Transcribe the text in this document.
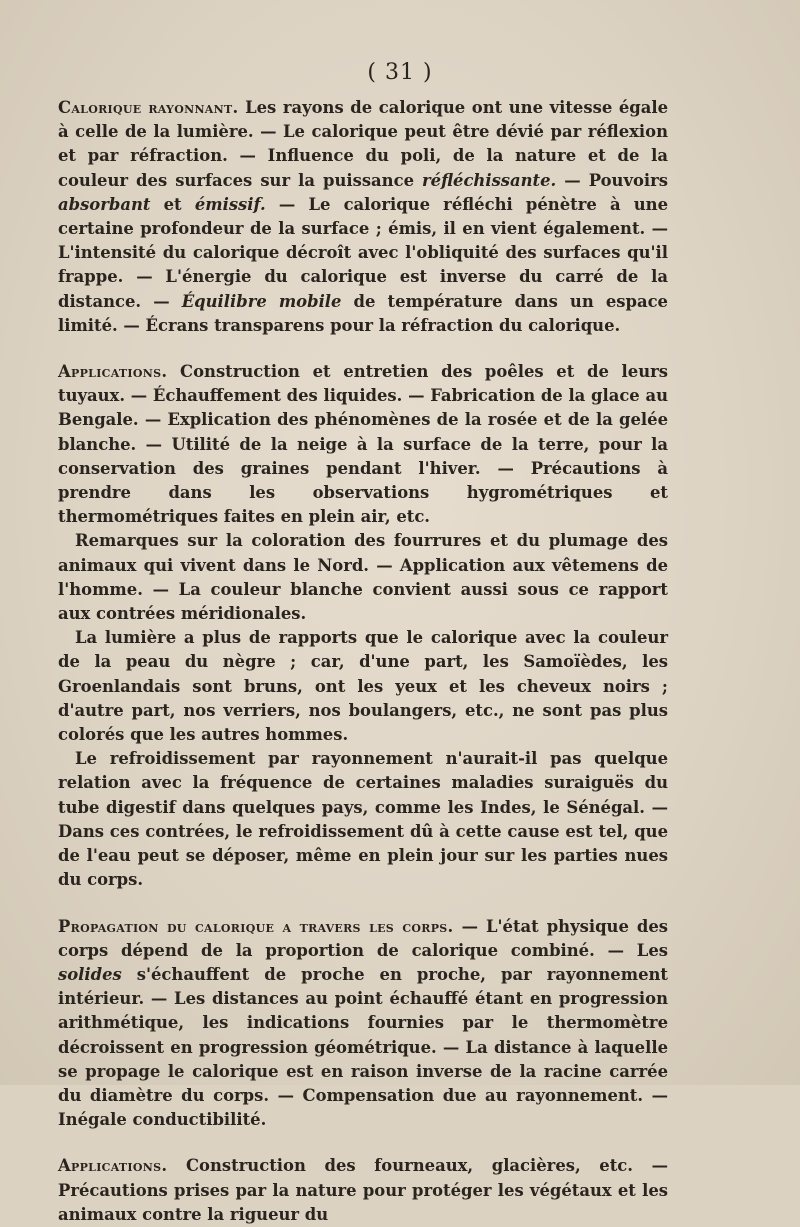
( 31 )

Calorique rayonnant. Les rayons de calorique ont une vitesse égale à celle de la lumière. — Le calorique peut être dévié par réflexion et par réfraction. — Influence du poli, de la nature et de la couleur des surfaces sur la puissance réfléchissante. — Pouvoirs absorbant et émissif. — Le calorique réfléchi pénètre à une certaine profondeur de la surface ; émis, il en vient également. — L'intensité du calorique décroît avec l'obliquité des surfaces qu'il frappe. — L'énergie du calorique est inverse du carré de la distance. — Équilibre mobile de température dans un espace limité. — Écrans transparens pour la réfraction du calorique.

Applications. Construction et entretien des poêles et de leurs tuyaux. — Échauffement des liquides. — Fabrication de la glace au Bengale. — Explication des phénomènes de la rosée et de la gelée blanche. — Utilité de la neige à la surface de la terre, pour la conservation des graines pendant l'hiver. — Précautions à prendre dans les observations hygrométriques et thermométriques faites en plein air, etc.

Remarques sur la coloration des fourrures et du plumage des animaux qui vivent dans le Nord. — Application aux vêtemens de l'homme. — La couleur blanche convient aussi sous ce rapport aux contrées méridionales.

La lumière a plus de rapports que le calorique avec la couleur de la peau du nègre ; car, d'une part, les Samoïèdes, les Groenlandais sont bruns, ont les yeux et les cheveux noirs ; d'autre part, nos verriers, nos boulangers, etc., ne sont pas plus colorés que les autres hommes.

Le refroidissement par rayonnement n'aurait-il pas quelque relation avec la fréquence de certaines maladies suraiguës du tube digestif dans quelques pays, comme les Indes, le Sénégal. — Dans ces contrées, le refroidissement dû à cette cause est tel, que de l'eau peut se déposer, même en plein jour sur les parties nues du corps.

Propagation du calorique a travers les corps. — L'état physique des corps dépend de la proportion de calorique combiné. — Les solides s'échauffent de proche en proche, par rayonnement intérieur. — Les distances au point échauffé étant en progression arithmétique, les indications fournies par le thermomètre décroissent en progression géométrique. — La distance à laquelle se propage le calorique est en raison inverse de la racine carrée du diamètre du corps. — Compensation due au rayonnement. — Inégale conductibilité.

Applications. Construction des fourneaux, glacières, etc. — Précautions prises par la nature pour protéger les végétaux et les animaux contre la rigueur du
